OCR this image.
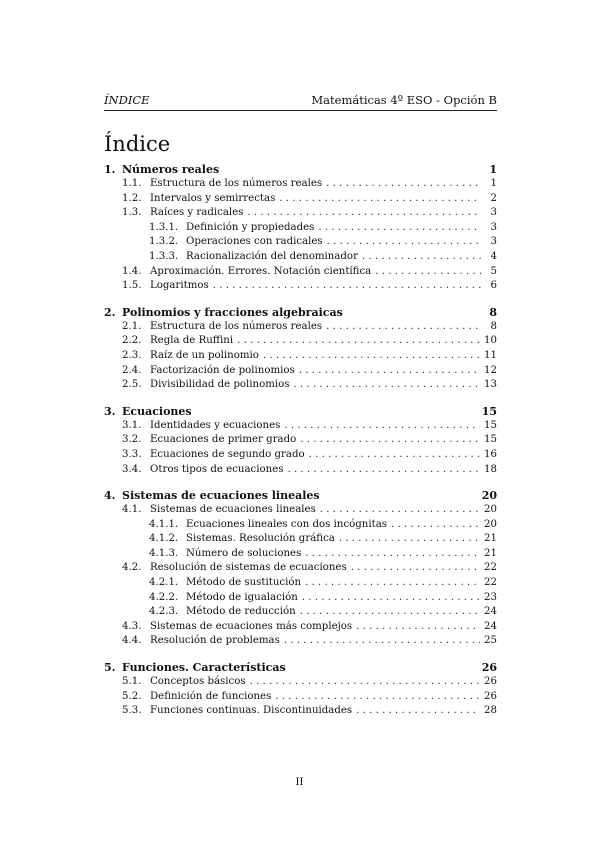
ÍNDICE	Matemáticas 4º ESO - Opción B
Índice
1. Números reales	1
1.1. Estructura de los números reales . . .	1
1.2. Intervalos y semirrectas . . .	2
1.3. Raíces y radicales . . .	3
1.3.1. Definición y propiedades . . .	3
1.3.2. Operaciones con radicales . . .	3
1.3.3. Racionalización del denominador . . .	4
1.4. Aproximación. Errores. Notación científica . . .	5
1.5. Logaritmos . . .	6
2. Polinomios y fracciones algebraicas	8
2.1. Estructura de los números reales . . .	8
2.2. Regla de Ruffini . . .	10
2.3. Raíz de un polinomio . . .	11
2.4. Factorización de polinomios . . .	12
2.5. Divisibilidad de polinomios . . .	13
3. Ecuaciones	15
3.1. Identidades y ecuaciones . . .	15
3.2. Ecuaciones de primer grado . . .	15
3.3. Ecuaciones de segundo grado . . .	16
3.4. Otros tipos de ecuaciones . . .	18
4. Sistemas de ecuaciones lineales	20
4.1. Sistemas de ecuaciones lineales . . .	20
4.1.1. Ecuaciones lineales con dos incógnitas . . .	20
4.1.2. Sistemas. Resolución gráfica . . .	21
4.1.3. Número de soluciones . . .	21
4.2. Resolución de sistemas de ecuaciones . . .	22
4.2.1. Método de sustitución . . .	22
4.2.2. Método de igualación . . .	23
4.2.3. Método de reducción . . .	24
4.3. Sistemas de ecuaciones más complejos . . .	24
4.4. Resolución de problemas . . .	25
5. Funciones. Características	26
5.1. Conceptos básicos . . .	26
5.2. Definición de funciones . . .	26
5.3. Funciones continuas. Discontinuidades . . .	28
II
